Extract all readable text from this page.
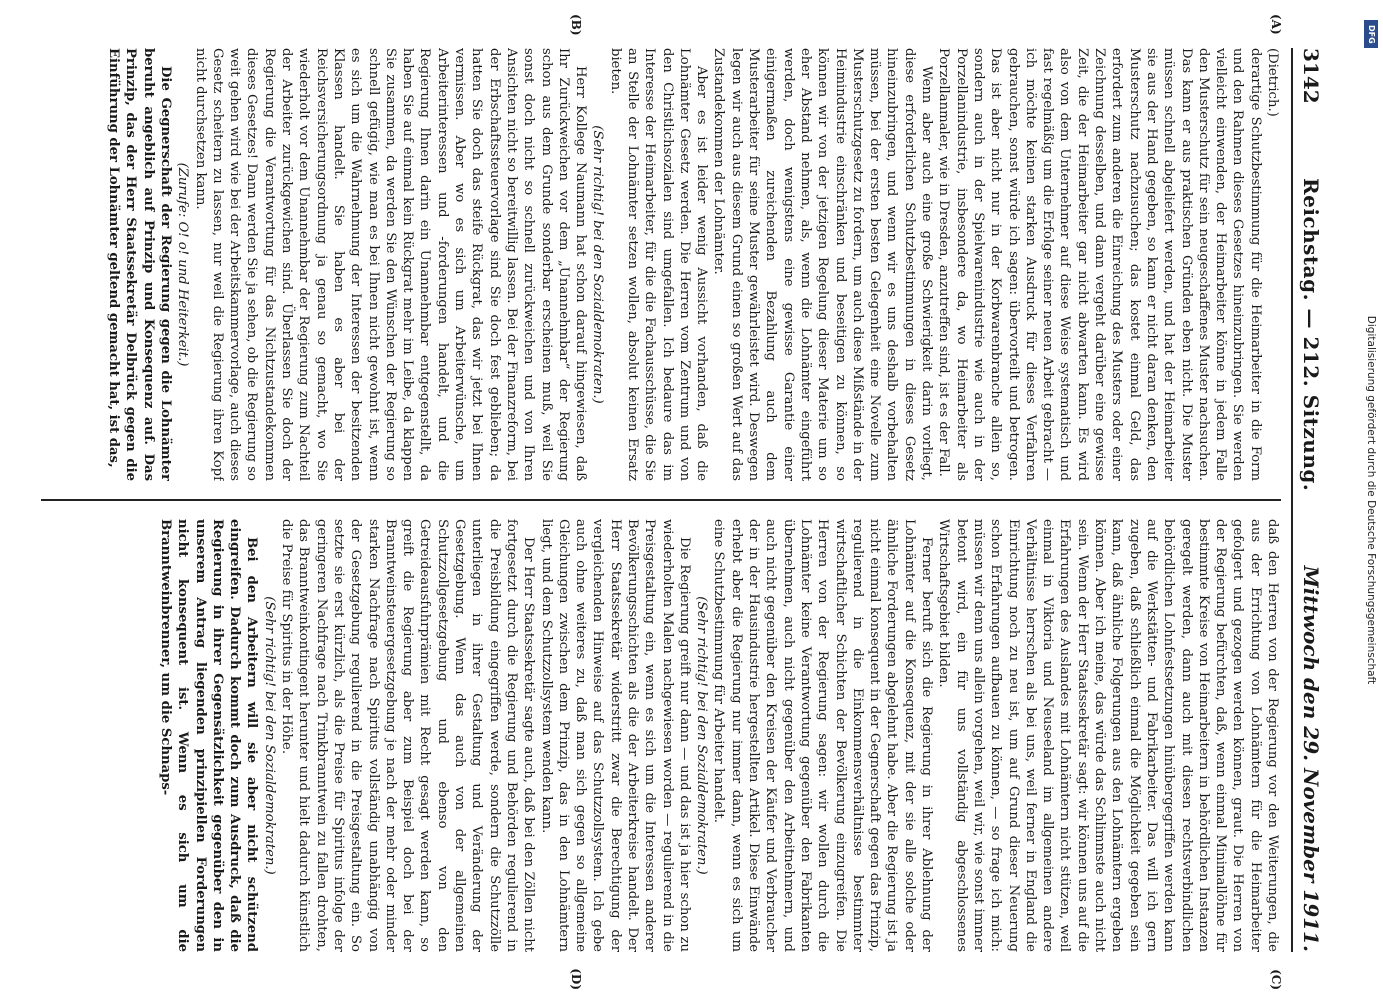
3142
Reichstag. — 212. Sitzung.
Mittwoch den 29. November 1911.

(Dietrich.)

derartige Schutzbestimmung für die Heimarbeiter in die Form und den Rahmen dieses Gesetzes hineinzubringen. Sie werden vielleicht einwenden, der Heimarbeiter könne in jedem Falle den Musterschutz für sein neugeschaffenes Muster nachsuchen. Das kann er aus praktischen Gründen eben nicht. Die Muster müssen schnell abgeliefert werden, und hat der Heimarbeiter sie aus der Hand gegeben, so kann er nicht daran denken, den Musterschutz nachzusuchen; das kostet einmal Geld, das erfordert zum anderen die Einreichung des Musters oder einer Zeichnung desselben, und dann vergeht darüber eine gewisse Zeit, die der Heimarbeiter gar nicht abwarten kann. Es wird also von dem Unternehmer auf diese Weise systematisch und fast regelmäßig um die Erfolge seiner neuen Arbeit gebracht — ich möchte keinen starken Ausdruck für dieses Verfahren gebrauchen, sonst würde ich sagen: übervorteilt und betrogen. Das ist aber nicht nur in der Korbwarenbranche allein so, sondern auch in der Spielwarenindustrie wie auch in der Porzellanindustrie, insbesondere da, wo Heimarbeiter als Porzellanmaler, wie in Dresden, anzutreffen sind, ist es der Fall.

Wenn aber auch eine große Schwierigkeit darin vorliegt, diese erforderlichen Schutzbestimmungen in dieses Gesetz hineinzubringen, und wenn wir es uns deshalb vorbehalten müssen, bei der ersten besten Gelegenheit eine Novelle zum Musterschutzgesetz zu fordern, um auch diese Mißstände in der Heimindustrie einschränken und beseitigen zu können, so können wir von der jetzigen Regelung dieser Materie um so eher Abstand nehmen, als, wenn die Lohnämter eingeführt werden, doch wenigstens eine gewisse Garantie einer einigermaßen zureichenden Bezahlung auch dem Musterarbeiter für seine Muster gewährleistet wird. Deswegen legen wir auch aus diesem Grund einen so großen Wert auf das Zustandekommen der Lohnämter.

Aber es ist leider wenig Aussicht vorhanden, daß die Lohnämter Gesetz werden. Die Herren vom Zentrum und von den Christlichsozialen sind umgefallen. Ich bedaure das im Interesse der Heimarbeiter, für die die Fachausschüsse, die Sie an Stelle der Lohnämter setzen wollen, absolut keinen Ersatz bieten.

(Sehr richtig! bei den Sozialdemokraten.)

Herr Kollege Naumann hat schon darauf hingewiesen, daß Ihr Zurückweichen vor dem „Unannehmbar“ der Regierung schon aus dem Grunde sonderbar erscheinen muß, weil Sie sonst doch nicht so schnell zurückweichen und von Ihren Ansichten nicht so bereitwillig lassen. Bei der Finanzreform, bei der Erbschaftssteuervorlage sind Sie doch fest geblieben; da hatten Sie doch das steife Rückgrat, das wir jetzt bei Ihnen vermissen. Aber wo es sich um Arbeiterwünsche, um Arbeiterinteressen und -forderungen handelt, und die Regierung Ihnen darin ein Unannehmbar entgegenstellt, da haben Sie auf einmal kein Rückgrat mehr im Leibe, da klappen Sie zusammen, da werden Sie den Wünschen der Regierung so schnell gefügig, wie man es bei Ihnen nicht gewohnt ist, wenn es sich um die Wahrnehmung der Interessen der besitzenden Klassen handelt. Sie haben es aber bei der Reichsversicherungsordnung ja genau so gemacht, wo Sie wiederholt vor dem Unannehmbar der Regierung zum Nachteil der Arbeiter zurückgewichen sind. Überlassen Sie doch der Regierung die Verantwortung für das Nichtzustandekommen dieses Gesetzes! Dann werden Sie ja sehen, ob die Regierung so weit gehen wird wie bei der Arbeitskammervorlage, auch dieses Gesetz scheitern zu lassen, nur weil die Regierung ihren Kopf nicht durchsetzen kann.

(Zurufe: O! o! und Heiterkeit.)

Die Gegnerschaft der Regierung gegen die Lohnämter beruht angeblich auf Prinzip und Konsequenz auf. Das Prinzip, das der Herr Staatssekretär Delbrück gegen die Einführung der Lohnämter geltend gemacht hat, ist das,

daß den Herren von der Regierung vor den Weiterungen, die aus der Errichtung von Lohnämtern für die Heimarbeiter gefolgert und gezogen werden können, graut. Die Herren von der Regierung befürchten, daß, wenn einmal Minimallöhne für bestimmte Kreise von Heimarbeitern in behördlichen Instanzen geregelt werden, dann auch mit diesen rechtsverbindlichen behördlichen Lohnfestsetzungen hinübergegriffen werden kann auf die Werkstätten- und Fabrikarbeiter. Das will ich gern zugeben, daß schließlich einmal die Möglichkeit gegeben sein kann, daß ähnliche Folgerungen aus den Lohnämtern ergeben können. Aber ich meine, das würde das Schlimmste auch nicht sein. Wenn der Herr Staatssekretär sagt: wir können uns auf die Erfahrungen des Auslandes mit Lohnämtern nicht stützen, weil einmal in Viktoria und Neuseeland im allgemeinen andere Verhältnisse herrschen als bei uns, weil ferner in England die Einrichtung noch zu neu ist, um auf Grund dieser Neuerung schon Erfahrungen aufbauen zu können, — so frage ich mich: müssen wir denn uns allein vorgehen, weil wir, wie sonst immer betont wird, ein für uns vollständig abgeschlossenes Wirtschaftsgebiet bilden.

Ferner beruft sich die Regierung in ihrer Ablehnung der Lohnämter auf die Konsequenz, mit der sie alle solche oder ähnliche Forderungen abgelehnt habe. Aber die Regierung ist ja nicht einmal konsequent in der Gegnerschaft gegen das Prinzip, regulierend in die Einkommensverhältnisse bestimmter wirtschaftlicher Schichten der Bevölkerung einzugreifen. Die Herren von der Regierung sagen: wir wollen durch die Lohnämter keine Verantwortung gegenüber den Fabrikanten übernehmen, auch nicht gegenüber den Arbeitnehmern, und auch nicht gegenüber den Kreisen der Käufer und Verbraucher der in der Hausindustrie hergestellten Artikel. Diese Einwände erhebt aber die Regierung nur immer dann, wenn es sich um eine Schutzbestimmung für Arbeiter handelt.

(Sehr richtig! bei den Sozialdemokraten.)

Die Regierung greift nur dann — und das ist ja hier schon zu wiederholten Malen nachgewiesen worden — regulierend in die Preisgestaltung ein, wenn es sich um die Interessen anderer Bevölkerungsschichten als die der Arbeiterkreise handelt. Der Herr Staatssekretär widerstritt zwar die Berechtigung der vergleichenden Hinweise auf das Schutzzollsystem. Ich gebe auch ohne weiteres zu, daß man sich gegen so allgemeine Gleichungen zwischen dem Prinzip, das in den Lohnämtern liegt, und dem Schutzzollsystem wenden kann.

Der Herr Staatssekretär sagte auch, daß bei den Zöllen nicht fortgesetzt durch die Regierung und Behörden regulierend in die Preisbildung eingegriffen werde, sondern die Schutzzölle unterliegen in ihrer Gestaltung und Veränderung der Gesetzgebung. Wenn das auch von der allgemeinen Schutzzollgesetzgebung und ebenso von den Getreideausfuhrprämien mit Recht gesagt werden kann, so greift die Regierung aber zum Beispiel doch bei der Branntweinsteuergesetzgebung je nach der mehr oder minder starken Nachfrage nach Spiritus vollständig unabhängig von der Gesetzgebung regulierend in die Preisgestaltung ein. So setzte sie erst kürzlich, als die Preise für Spiritus infolge der geringeren Nachfrage nach Trinkbranntwein zu fallen drohten, das Branntweinkontingent herunter und hielt dadurch künstlich die Preise für Spiritus in der Höhe.

(Sehr richtig! bei den Sozialdemokraten.)

Bei den Arbeitern will sie aber nicht schützend eingreifen. Dadurch kommt doch zum Ausdruck, daß die Regierung in ihrer Gegensätzlichkeit gegenüber den in unserem Antrag liegenden prinzipiellen Forderungen nicht konsequent ist. Wenn es sich um die Branntweinbrenner, um die Schnaps-

(A)
(B)
(C)
(D)
DFG
Digitalisierung gefördert durch die Deutsche Forschungsgemeinschaft
